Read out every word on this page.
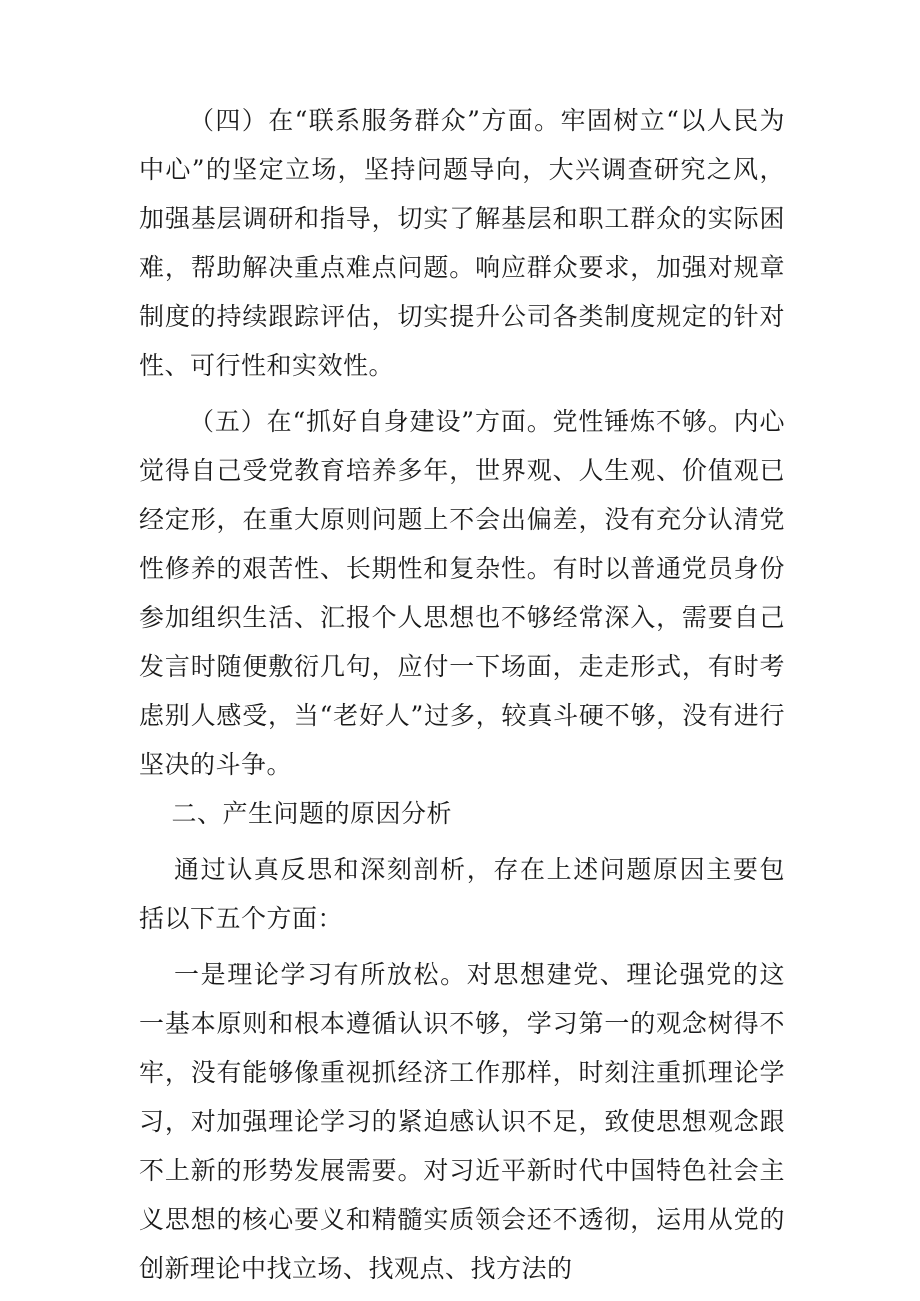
（四）在“联系服务群众”方面。牢固树立“以人民为中心”的坚定立场，坚持问题导向，大兴调查研究之风，加强基层调研和指导，切实了解基层和职工群众的实际困难，帮助解决重点难点问题。响应群众要求，加强对规章制度的持续跟踪评估，切实提升公司各类制度规定的针对性、可行性和实效性。

（五）在“抓好自身建设”方面。党性锤炼不够。内心觉得自己受党教育培养多年，世界观、人生观、价值观已经定形，在重大原则问题上不会出偏差，没有充分认清党性修养的艰苦性、长期性和复杂性。有时以普通党员身份参加组织生活、汇报个人思想也不够经常深入，需要自己发言时随便敷衍几句，应付一下场面，走走形式，有时考虑别人感受，当“老好人”过多，较真斗硬不够，没有进行坚决的斗争。

二、产生问题的原因分析

通过认真反思和深刻剖析，存在上述问题原因主要包括以下五个方面：

一是理论学习有所放松。对思想建党、理论强党的这一基本原则和根本遵循认识不够，学习第一的观念树得不牢，没有能够像重视抓经济工作那样，时刻注重抓理论学习，对加强理论学习的紧迫感认识不足，致使思想观念跟不上新的形势发展需要。对习近平新时代中国特色社会主义思想的核心要义和精髓实质领会还不透彻，运用从党的创新理论中找立场、找观点、找方法的
